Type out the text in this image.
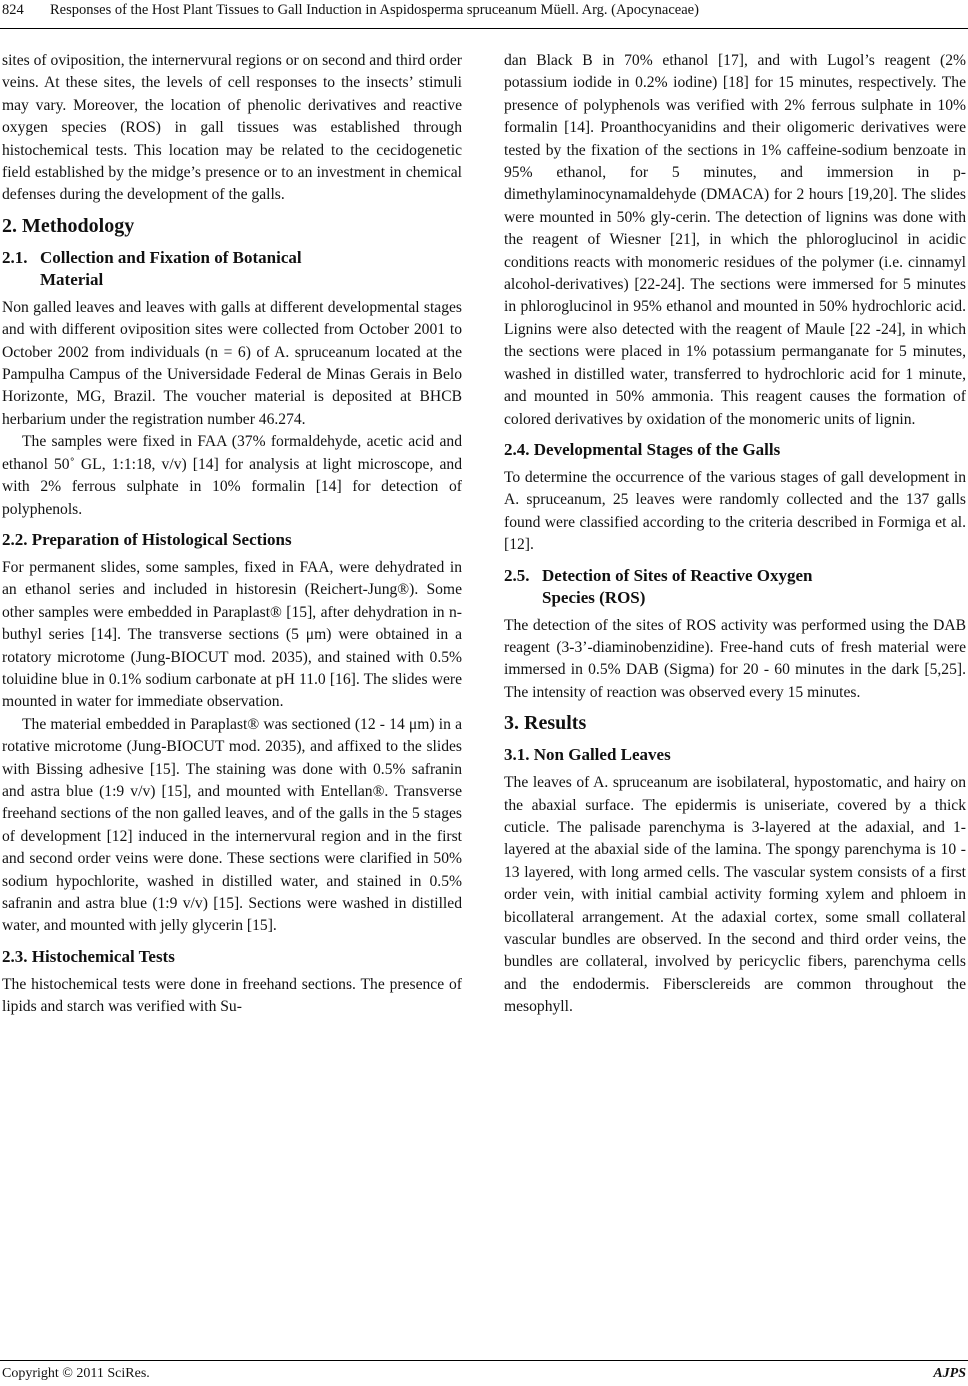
824 Responses of the Host Plant Tissues to Gall Induction in Aspidosperma spruceanum Müell. Arg. (Apocynaceae)

sites of oviposition, the internervural regions or on second and third order veins. At these sites, the levels of cell responses to the insects’ stimuli may vary. Moreover, the location of phenolic derivatives and reactive oxygen species (ROS) in gall tissues was established through histochemical tests. This location may be related to the cecidogenetic field established by the midge’s presence or to an investment in chemical defenses during the development of the galls.

2. Methodology
2.1. Collection and Fixation of Botanical
Material

Non galled leaves and leaves with galls at different developmental stages and with different oviposition sites were collected from October 2001 to October 2002 from individuals (n = 6) of A. spruceanum located at the Pampulha Campus of the Universidade Federal de Minas Gerais in Belo Horizonte, MG, Brazil. The voucher material is deposited at BHCB herbarium under the registration number 46.274.

The samples were fixed in FAA (37% formaldehyde, acetic acid and ethanol 50˚ GL, 1:1:18, v/v) [14] for analysis at light microscope, and with 2% ferrous sulphate in 10% formalin [14] for detection of polyphenols.

2.2. Preparation of Histological Sections

For permanent slides, some samples, fixed in FAA, were dehydrated in an ethanol series and included in historesin (Reichert-Jung®). Some other samples were embedded in Paraplast® [15], after dehydration in n- buthyl series [14]. The transverse sections (5 μm) were obtained in a rotatory microtome (Jung-BIOCUT mod. 2035), and stained with 0.5% toluidine blue in 0.1% sodium carbonate at pH 11.0 [16]. The slides were mounted in water for immediate observation.

The material embedded in Paraplast® was sectioned (12 - 14 μm) in a rotative microtome (Jung-BIOCUT mod. 2035), and affixed to the slides with Bissing adhesive [15]. The staining was done with 0.5% safranin and astra blue (1:9 v/v) [15], and mounted with Entellan®. Transverse freehand sections of the non galled leaves, and of the galls in the 5 stages of development [12] induced in the internervural region and in the first and second order veins were done. These sections were clarified in 50% sodium hypochlorite, washed in distilled water, and stained in 0.5% safranin and astra blue (1:9 v/v) [15]. Sections were washed in distilled water, and mounted with jelly glycerin [15].

2.3. Histochemical Tests

The histochemical tests were done in freehand sections. The presence of lipids and starch was verified with Su-

dan Black B in 70% ethanol [17], and with Lugol’s reagent (2% potassium iodide in 0.2% iodine) [18] for 15 minutes, respectively. The presence of polyphenols was verified with 2% ferrous sulphate in 10% formalin [14]. Proanthocyanidins and their oligomeric derivatives were tested by the fixation of the sections in 1% caffeine-sodium benzoate in 95% ethanol, for 5 minutes, and immersion in p-dimethylaminocynamaldehyde (DMACA) for 2 hours [19,20]. The slides were mounted in 50% gly-cerin. The detection of lignins was done with the reagent of Wiesner [21], in which the phloroglucinol in acidic conditions reacts with monomeric residues of the polymer (i.e. cinnamyl alcohol-derivatives) [22-24]. The sections were immersed for 5 minutes in phloroglucinol in 95% ethanol and mounted in 50% hydrochloric acid. Lignins were also detected with the reagent of Maule [22 -24], in which the sections were placed in 1% potassium permanganate for 5 minutes, washed in distilled water, transferred to hydrochloric acid for 1 minute, and mounted in 50% ammonia. This reagent causes the formation of colored derivatives by oxidation of the monomeric units of lignin.

2.4. Developmental Stages of the Galls

To determine the occurrence of the various stages of gall development in A. spruceanum, 25 leaves were randomly collected and the 137 galls found were classified according to the criteria described in Formiga et al. [12].

2.5. Detection of Sites of Reactive Oxygen
Species (ROS)

The detection of the sites of ROS activity was performed using the DAB reagent (3-3’-diaminobenzidine). Free-hand cuts of fresh material were immersed in 0.5% DAB (Sigma) for 20 - 60 minutes in the dark [5,25]. The intensity of reaction was observed every 15 minutes.

3. Results
3.1. Non Galled Leaves

The leaves of A. spruceanum are isobilateral, hypostomatic, and hairy on the abaxial surface. The epidermis is uniseriate, covered by a thick cuticle. The palisade parenchyma is 3-layered at the adaxial, and 1-layered at the abaxial side of the lamina. The spongy parenchyma is 10 - 13 layered, with long armed cells. The vascular system consists of a first order vein, with initial cambial activity forming xylem and phloem in bicollateral arrangement. At the adaxial cortex, some small collateral vascular bundles are observed. In the second and third order veins, the bundles are collateral, involved by pericyclic fibers, parenchyma cells and the endodermis. Fibersclereids are common throughout the mesophyll.

Copyright © 2011 SciRes.	AJPS
